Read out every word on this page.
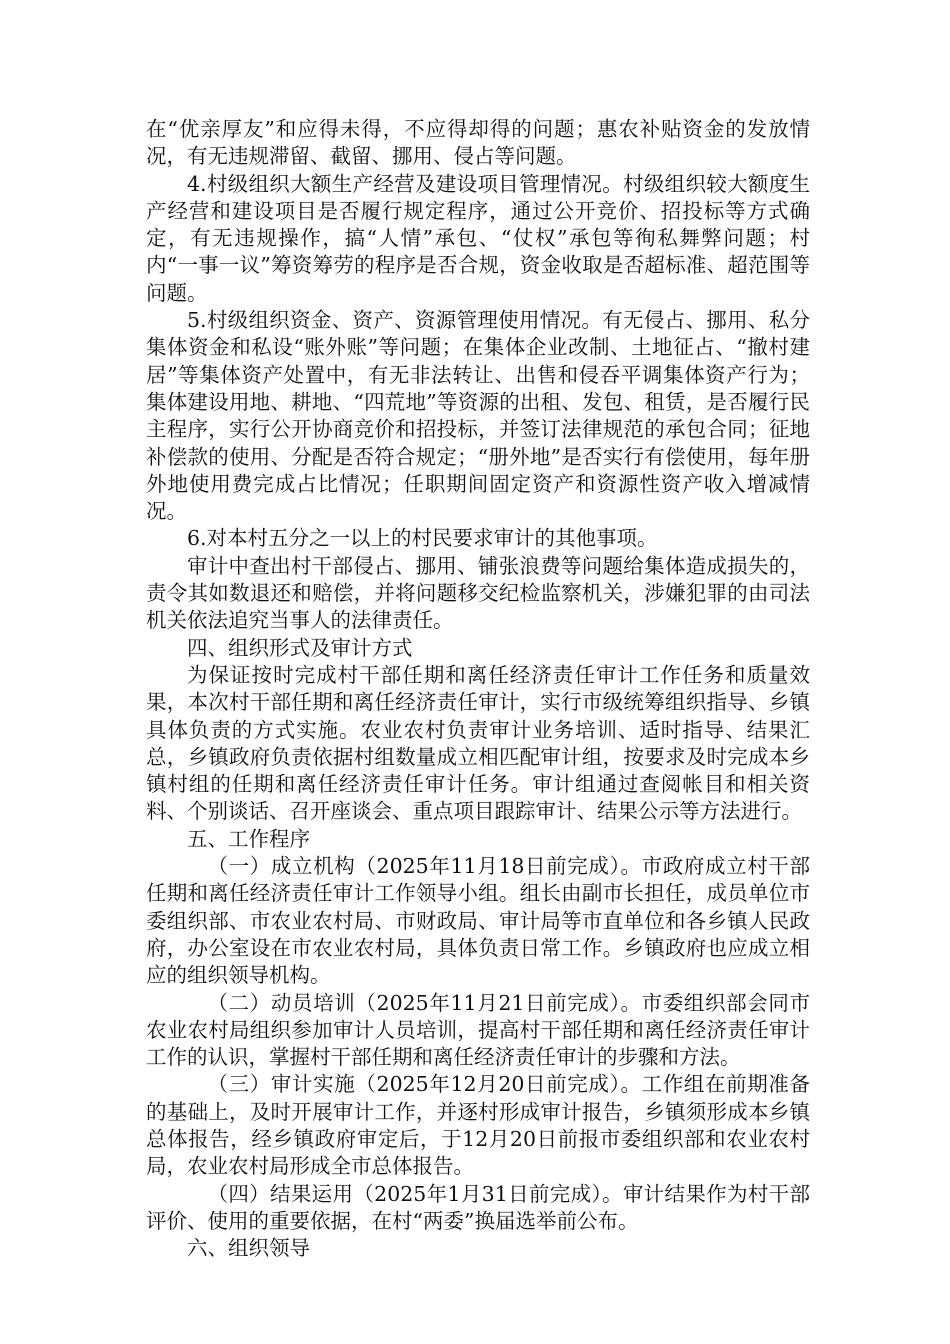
在“优亲厚友”和应得未得，不应得却得的问题；惠农补贴资金的发放情况，有无违规滞留、截留、挪用、侵占等问题。

4.村级组织大额生产经营及建设项目管理情况。村级组织较大额度生产经营和建设项目是否履行规定程序，通过公开竞价、招投标等方式确定，有无违规操作，搞“人情”承包、“仗权”承包等徇私舞弊问题；村内“一事一议”筹资筹劳的程序是否合规，资金收取是否超标准、超范围等问题。

5.村级组织资金、资产、资源管理使用情况。有无侵占、挪用、私分集体资金和私设“账外账”等问题；在集体企业改制、土地征占、“撤村建居”等集体资产处置中，有无非法转让、出售和侵吞平调集体资产行为；集体建设用地、耕地、“四荒地”等资源的出租、发包、租赁，是否履行民主程序，实行公开协商竞价和招投标，并签订法律规范的承包合同；征地补偿款的使用、分配是否符合规定；“册外地”是否实行有偿使用，每年册外地使用费完成占比情况；任职期间固定资产和资源性资产收入增减情况。

6.对本村五分之一以上的村民要求审计的其他事项。

审计中查出村干部侵占、挪用、铺张浪费等问题给集体造成损失的，责令其如数退还和赔偿，并将问题移交纪检监察机关，涉嫌犯罪的由司法机关依法追究当事人的法律责任。

四、组织形式及审计方式

为保证按时完成村干部任期和离任经济责任审计工作任务和质量效果，本次村干部任期和离任经济责任审计，实行市级统筹组织指导、乡镇具体负责的方式实施。农业农村负责审计业务培训、适时指导、结果汇总，乡镇政府负责依据村组数量成立相匹配审计组，按要求及时完成本乡镇村组的任期和离任经济责任审计任务。审计组通过查阅帐目和相关资料、个别谈话、召开座谈会、重点项目跟踪审计、结果公示等方法进行。

五、工作程序

（一）成立机构（2025年11月18日前完成）。市政府成立村干部任期和离任经济责任审计工作领导小组。组长由副市长担任，成员单位市委组织部、市农业农村局、市财政局、审计局等市直单位和各乡镇人民政府，办公室设在市农业农村局，具体负责日常工作。乡镇政府也应成立相应的组织领导机构。

（二）动员培训（2025年11月21日前完成）。市委组织部会同市农业农村局组织参加审计人员培训，提高村干部任期和离任经济责任审计工作的认识，掌握村干部任期和离任经济责任审计的步骤和方法。

（三）审计实施（2025年12月20日前完成）。工作组在前期准备的基础上，及时开展审计工作，并逐村形成审计报告，乡镇须形成本乡镇总体报告，经乡镇政府审定后，于12月20日前报市委组织部和农业农村局，农业农村局形成全市总体报告。

（四）结果运用（2025年1月31日前完成）。审计结果作为村干部评价、使用的重要依据，在村“两委”换届选举前公布。

六、组织领导
